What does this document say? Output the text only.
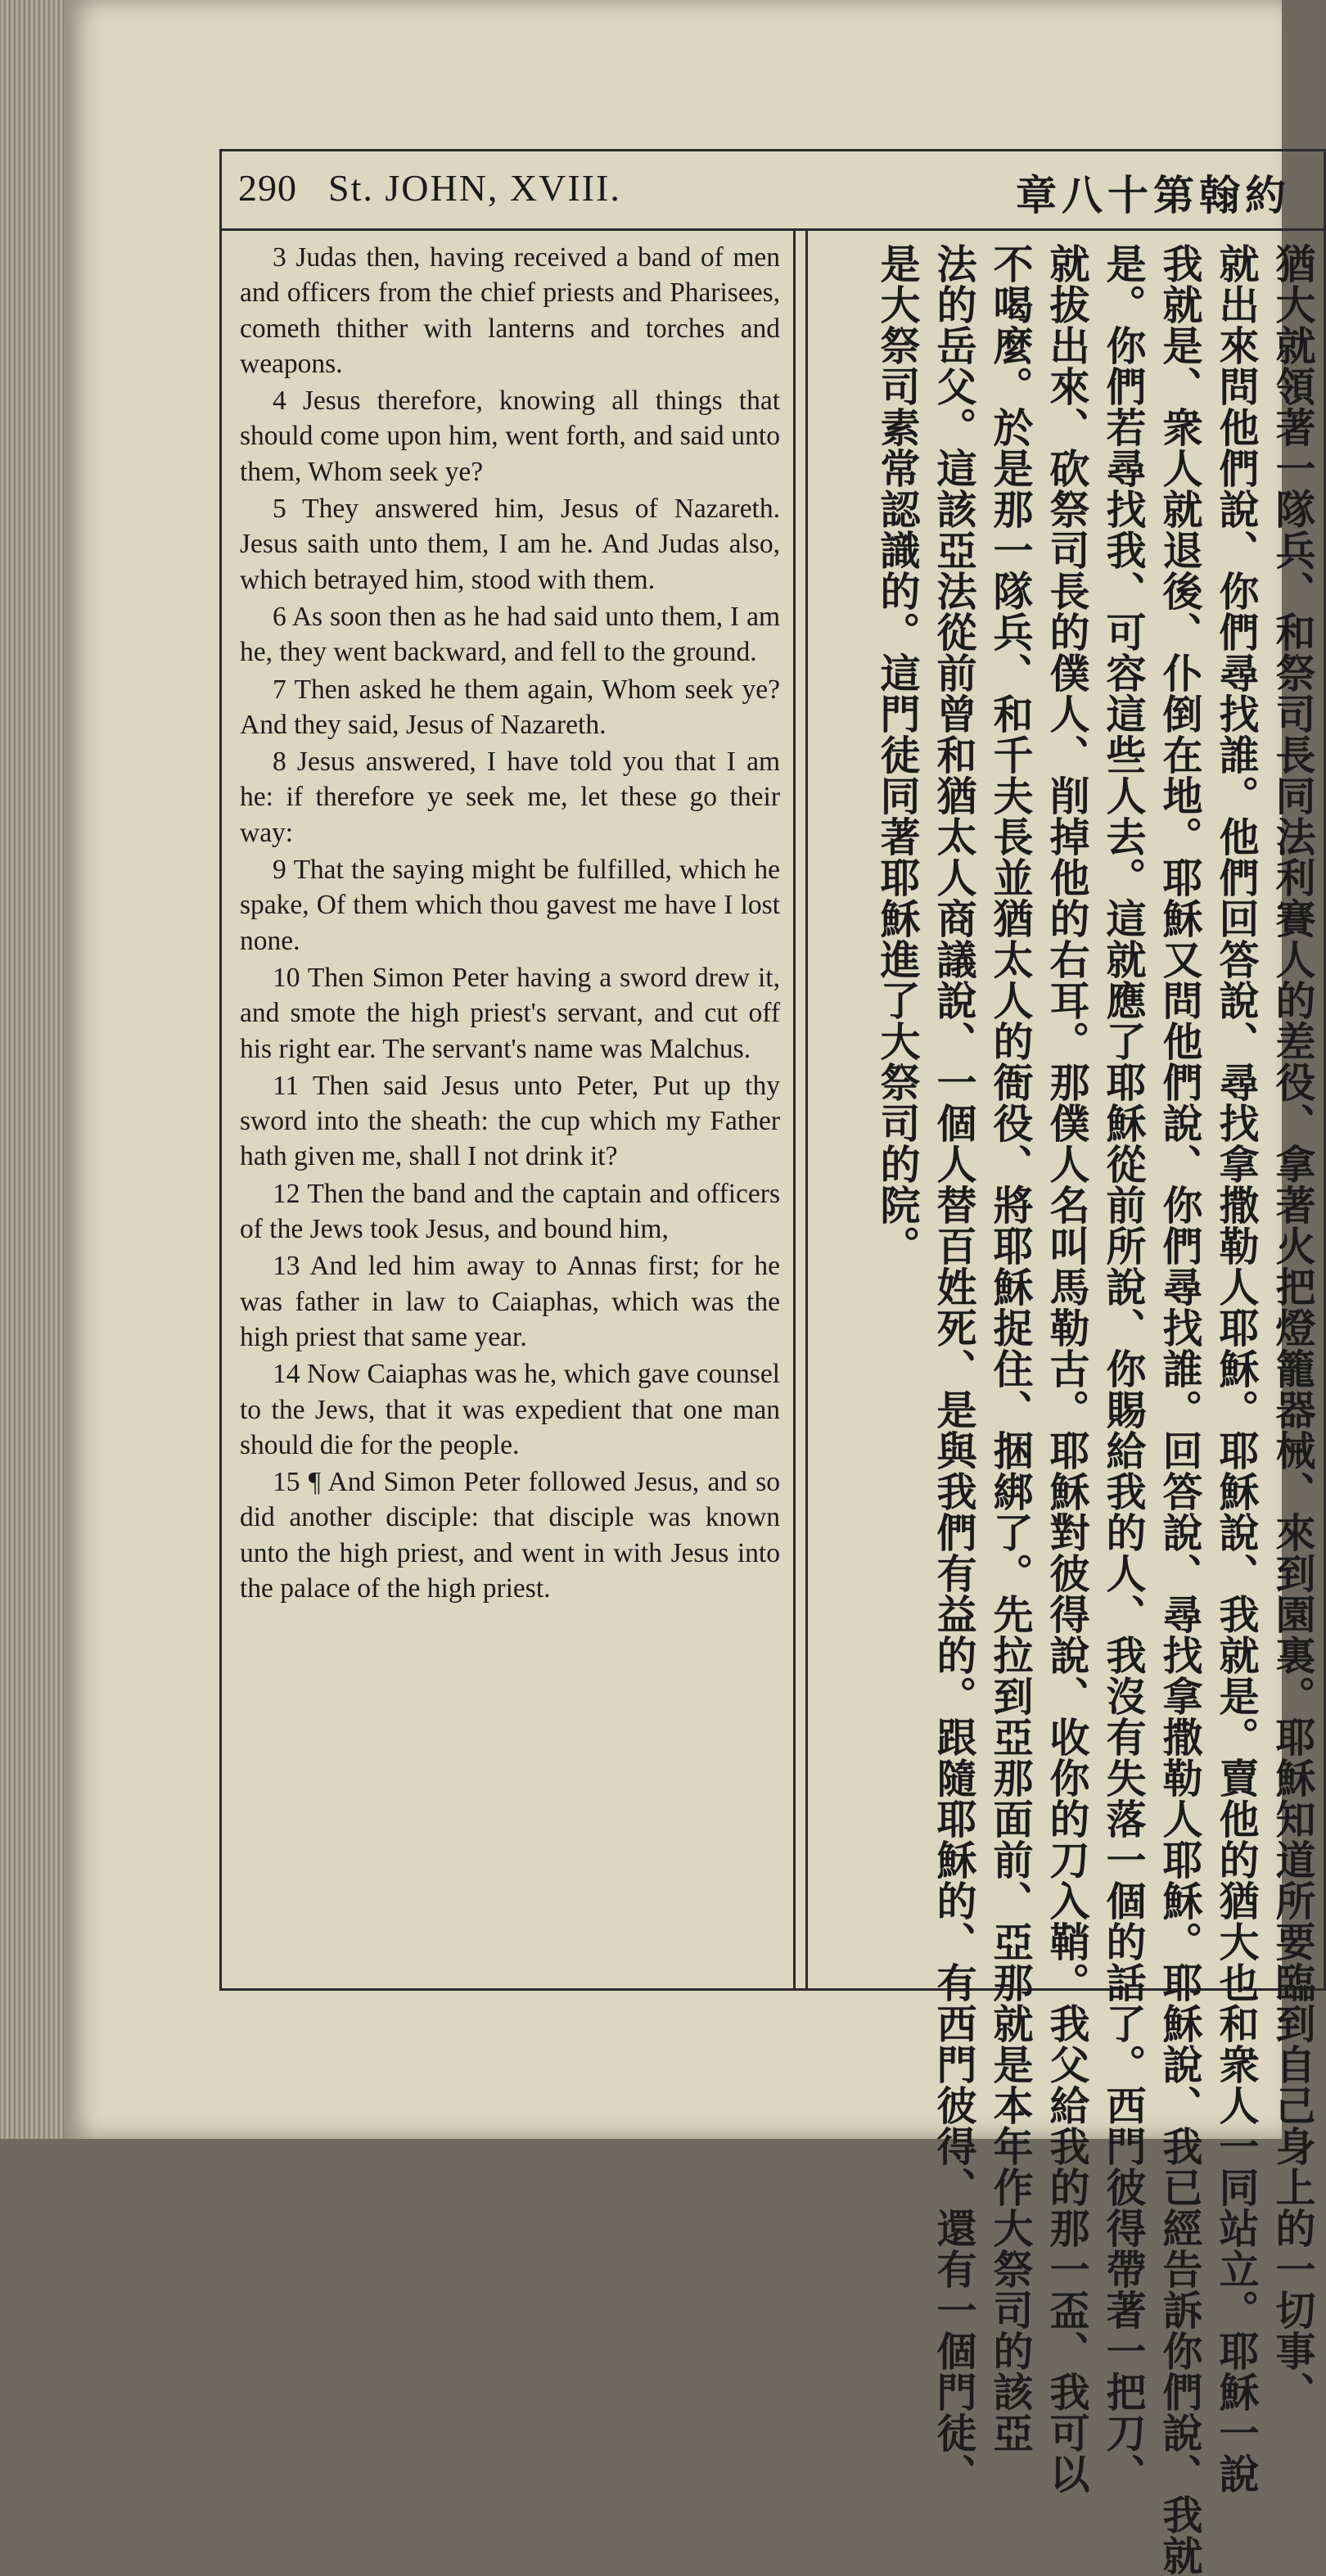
290 St. JOHN, XVIII.	章八十第翰約

3 Judas then, having received a band of men and officers from the chief priests and Pharisees, cometh thither with lanterns and torches and weapons.

4 Jesus therefore, knowing all things that should come upon him, went forth, and said unto them, Whom seek ye?

5 They answered him, Jesus of Nazareth. Jesus saith unto them, I am he. And Judas also, which betrayed him, stood with them.

6 As soon then as he had said unto them, I am he, they went backward, and fell to the ground.

7 Then asked he them again, Whom seek ye? And they said, Jesus of Nazareth.

8 Jesus answered, I have told you that I am he: if therefore ye seek me, let these go their way:

9 That the saying might be fulfilled, which he spake, Of them which thou gavest me have I lost none.

10 Then Simon Peter having a sword drew it, and smote the high priest's servant, and cut off his right ear. The servant's name was Malchus.

11 Then said Jesus unto Peter, Put up thy sword into the sheath: the cup which my Father hath given me, shall I not drink it?

12 Then the band and the captain and officers of the Jews took Jesus, and bound him,

13 And led him away to Annas first; for he was father in law to Caiaphas, which was the high priest that same year.

14 Now Caiaphas was he, which gave counsel to the Jews, that it was expedient that one man should die for the people.

15 ¶ And Simon Peter followed Jesus, and so did another disciple: that disciple was known unto the high priest, and went in with Jesus into the palace of the high priest.	猶大就領著一隊兵、和祭司長同法利賽人的差役、拿著火把燈籠器械、來到園裏。耶穌知道所要臨到自己身上的一切事、
就出來問他們說、你們尋找誰。他們回答說、尋找拿撒勒人耶穌。耶穌說、我就是。賣他的猶大也和衆人一同站立。耶穌一說
我就是、衆人就退後、仆倒在地。耶穌又問他們說、你們尋找誰。回答說、尋找拿撒勒人耶穌。耶穌說、我已經告訴你們說、我就
是。你們若尋找我、可容這些人去。這就應了耶穌從前所說、你賜給我的人、我沒有失落一個的話了。西門彼得帶著一把刀、
就拔出來、砍祭司長的僕人、削掉他的右耳。那僕人名叫馬勒古。耶穌對彼得說、收你的刀入鞘。我父給我的那一盃、我可以
不喝麼。於是那一隊兵、和千夫長並猶太人的衙役、將耶穌捉住、捆綁了。先拉到亞那面前、亞那就是本年作大祭司的該亞
法的岳父。這該亞法從前曾和猶太人商議說、一個人替百姓死、是與我們有益的。跟隨耶穌的、有西門彼得、還有一個門徒、
是大祭司素常認識的。這門徒同著耶穌進了大祭司的院。
